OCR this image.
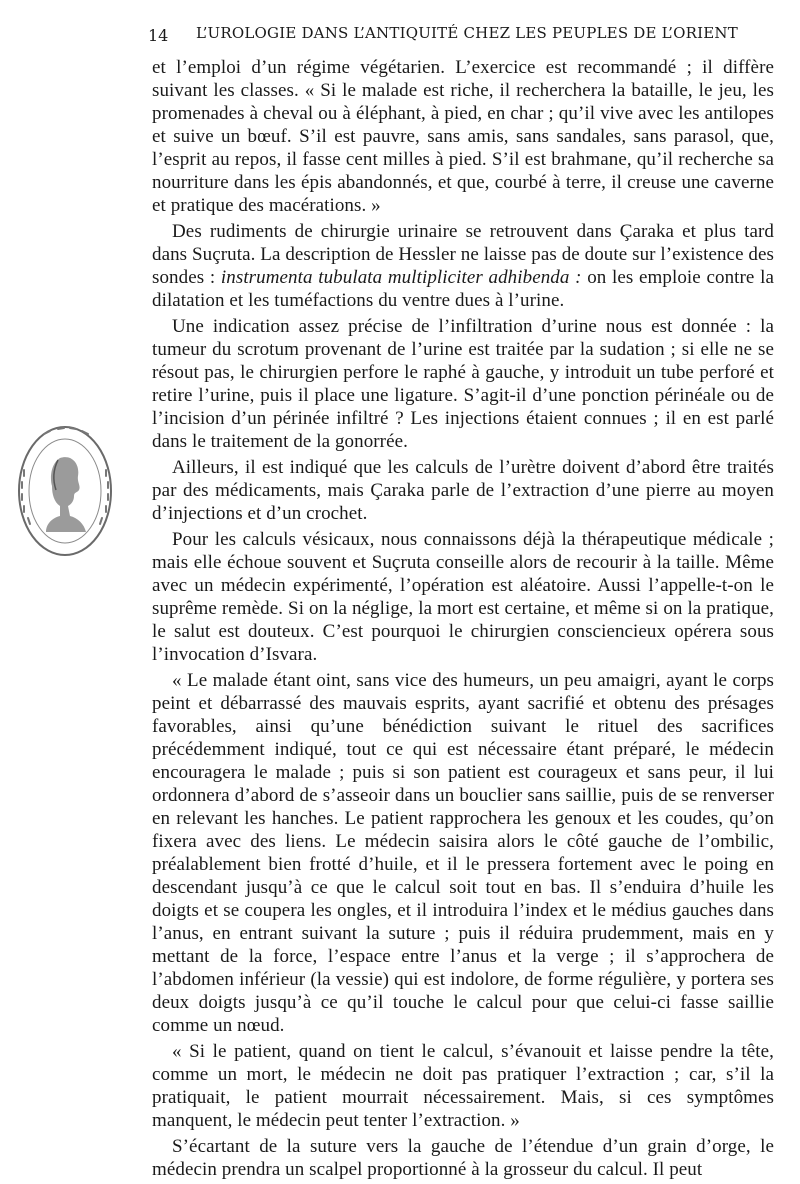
14 L’UROLOGIE DANS L’ANTIQUITÉ CHEZ LES PEUPLES DE L’ORIENT

et l’emploi d’un régime végétarien. L’exercice est recommandé ; il diffère suivant les classes. « Si le malade est riche, il recherchera la bataille, le jeu, les promenades à cheval ou à éléphant, à pied, en char ; qu’il vive avec les antilopes et suive un bœuf. S’il est pauvre, sans amis, sans sandales, sans parasol, que, l’esprit au repos, il fasse cent milles à pied. S’il est brahmane, qu’il recherche sa nourriture dans les épis abandonnés, et que, courbé à terre, il creuse une caverne et pratique des macérations. »

Des rudiments de chirurgie urinaire se retrouvent dans Çaraka et plus tard dans Suçruta. La description de Hessler ne laisse pas de doute sur l’existence des sondes : instrumenta tubulata multipliciter adhibenda : on les emploie contre la dilatation et les tuméfactions du ventre dues à l’urine.

Une indication assez précise de l’infiltration d’urine nous est donnée : la tumeur du scrotum provenant de l’urine est traitée par la sudation ; si elle ne se résout pas, le chirurgien perfore le raphé à gauche, y introduit un tube perforé et retire l’urine, puis il place une ligature. S’agit-il d’une ponction périnéale ou de l’incision d’un périnée infiltré ? Les injections étaient connues ; il en est parlé dans le traitement de la gonorrée.

Ailleurs, il est indiqué que les calculs de l’urètre doivent d’abord être traités par des médicaments, mais Çaraka parle de l’extraction d’une pierre au moyen d’injections et d’un crochet.

Pour les calculs vésicaux, nous connaissons déjà la thérapeutique médicale ; mais elle échoue souvent et Suçruta conseille alors de recourir à la taille. Même avec un médecin expérimenté, l’opération est aléatoire. Aussi l’appelle-t-on le suprême remède. Si on la néglige, la mort est certaine, et même si on la pratique, le salut est douteux. C’est pourquoi le chirurgien consciencieux opérera sous l’invocation d’Isvara.

« Le malade étant oint, sans vice des humeurs, un peu amaigri, ayant le corps peint et débarrassé des mauvais esprits, ayant sacrifié et obtenu des présages favorables, ainsi qu’une bénédiction suivant le rituel des sacrifices précédemment indiqué, tout ce qui est nécessaire étant préparé, le médecin encouragera le malade ; puis si son patient est courageux et sans peur, il lui ordonnera d’abord de s’asseoir dans un bouclier sans saillie, puis de se renverser en relevant les hanches. Le patient rapprochera les genoux et les coudes, qu’on fixera avec des liens. Le médecin saisira alors le côté gauche de l’ombilic, préalablement bien frotté d’huile, et il le pressera fortement avec le poing en descendant jusqu’à ce que le calcul soit tout en bas. Il s’enduira d’huile les doigts et se coupera les ongles, et il introduira l’index et le médius gauches dans l’anus, en entrant suivant la suture ; puis il réduira prudemment, mais en y mettant de la force, l’espace entre l’anus et la verge ; il s’approchera de l’abdomen inférieur (la vessie) qui est indolore, de forme régulière, y portera ses deux doigts jusqu’à ce qu’il touche le calcul pour que celui-ci fasse saillie comme un nœud.

« Si le patient, quand on tient le calcul, s’évanouit et laisse pendre la tête, comme un mort, le médecin ne doit pas pratiquer l’extraction ; car, s’il la pratiquait, le patient mourrait nécessairement. Mais, si ces symptômes manquent, le médecin peut tenter l’extraction. »

S’écartant de la suture vers la gauche de l’étendue d’un grain d’orge, le médecin prendra un scalpel proportionné à la grosseur du calcul. Il peut
